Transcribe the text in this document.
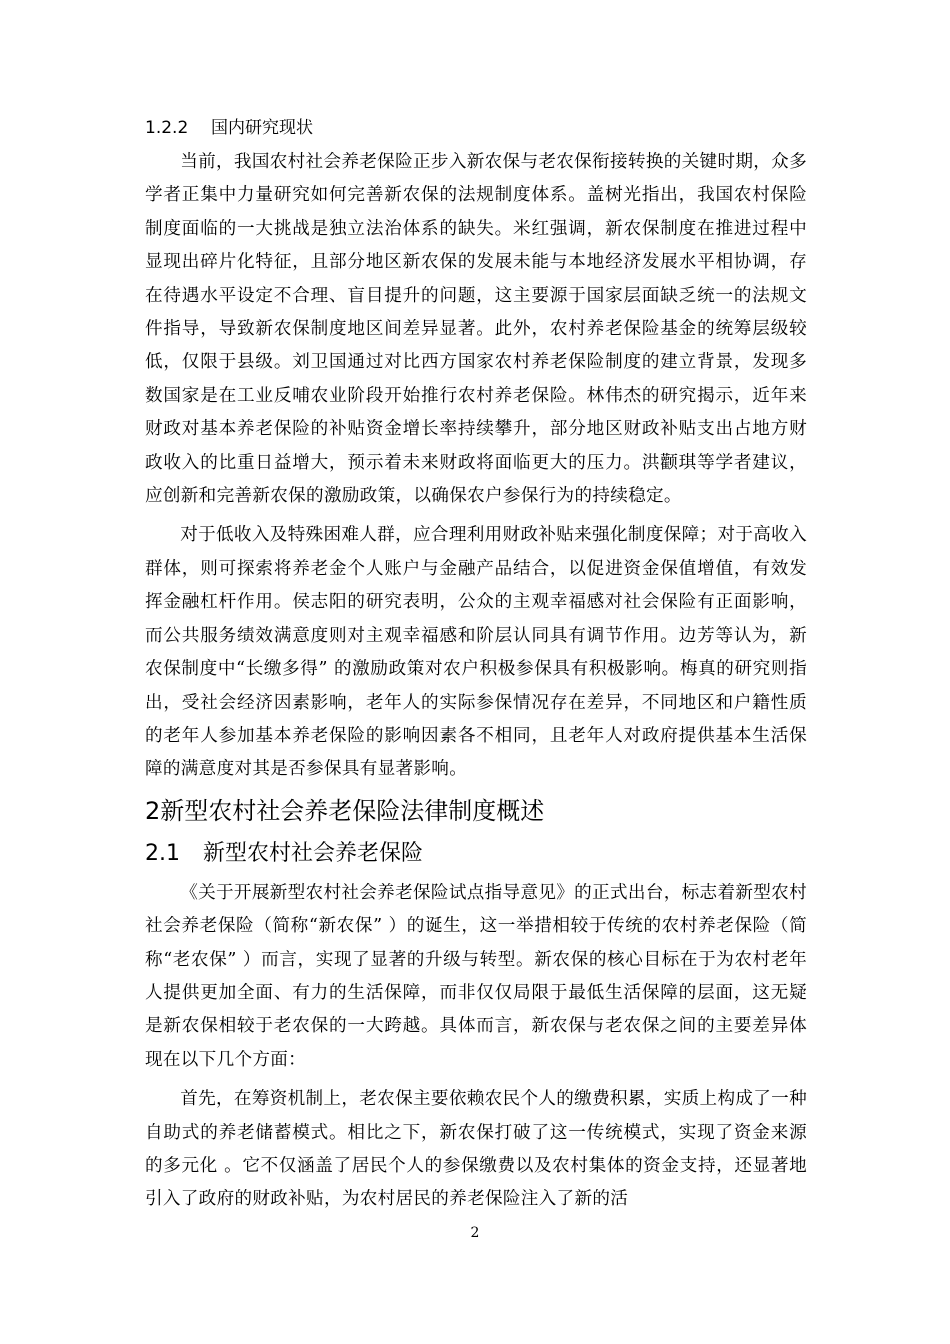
1.2.2 国内研究现状

当前，我国农村社会养老保险正步入新农保与老农保衔接转换的关键时期，众多学者正集中力量研究如何完善新农保的法规制度体系。盖树光指出，我国农村保险制度面临的一大挑战是独立法治体系的缺失。米红强调，新农保制度在推进过程中显现出碎片化特征，且部分地区新农保的发展未能与本地经济发展水平相协调，存在待遇水平设定不合理、盲目提升的问题，这主要源于国家层面缺乏统一的法规文件指导，导致新农保制度地区间差异显著。此外，农村养老保险基金的统筹层级较低，仅限于县级。刘卫国通过对比西方国家农村养老保险制度的建立背景，发现多数国家是在工业反哺农业阶段开始推行农村养老保险。林伟杰的研究揭示，近年来财政对基本养老保险的补贴资金增长率持续攀升，部分地区财政补贴支出占地方财政收入的比重日益增大，预示着未来财政将面临更大的压力。洪颧琪等学者建议，应创新和完善新农保的激励政策，以确保农户参保行为的持续稳定。

对于低收入及特殊困难人群，应合理利用财政补贴来强化制度保障；对于高收入群体，则可探索将养老金个人账户与金融产品结合，以促进资金保值增值，有效发挥金融杠杆作用。侯志阳的研究表明，公众的主观幸福感对社会保险有正面影响，而公共服务绩效满意度则对主观幸福感和阶层认同具有调节作用。边芳等认为，新农保制度中“长缴多得” 的激励政策对农户积极参保具有积极影响。梅真的研究则指出，受社会经济因素影响，老年人的实际参保情况存在差异，不同地区和户籍性质的老年人参加基本养老保险的影响因素各不相同，且老年人对政府提供基本生活保障的满意度对其是否参保具有显著影响。

2新型农村社会养老保险法律制度概述
2.1 新型农村社会养老保险

《关于开展新型农村社会养老保险试点指导意见》的正式出台，标志着新型农村社会养老保险（简称“新农保” ）的诞生，这一举措相较于传统的农村养老保险（简称“老农保” ）而言，实现了显著的升级与转型。新农保的核心目标在于为农村老年人提供更加全面、有力的生活保障，而非仅仅局限于最低生活保障的层面，这无疑是新农保相较于老农保的一大跨越。具体而言，新农保与老农保之间的主要差异体现在以下几个方面：

首先，在筹资机制上，老农保主要依赖农民个人的缴费积累，实质上构成了一种自助式的养老储蓄模式。相比之下，新农保打破了这一传统模式，实现了资金来源的多元化 。它不仅涵盖了居民个人的参保缴费以及农村集体的资金支持，还显著地引入了政府的财政补贴，为农村居民的养老保险注入了新的活

2
